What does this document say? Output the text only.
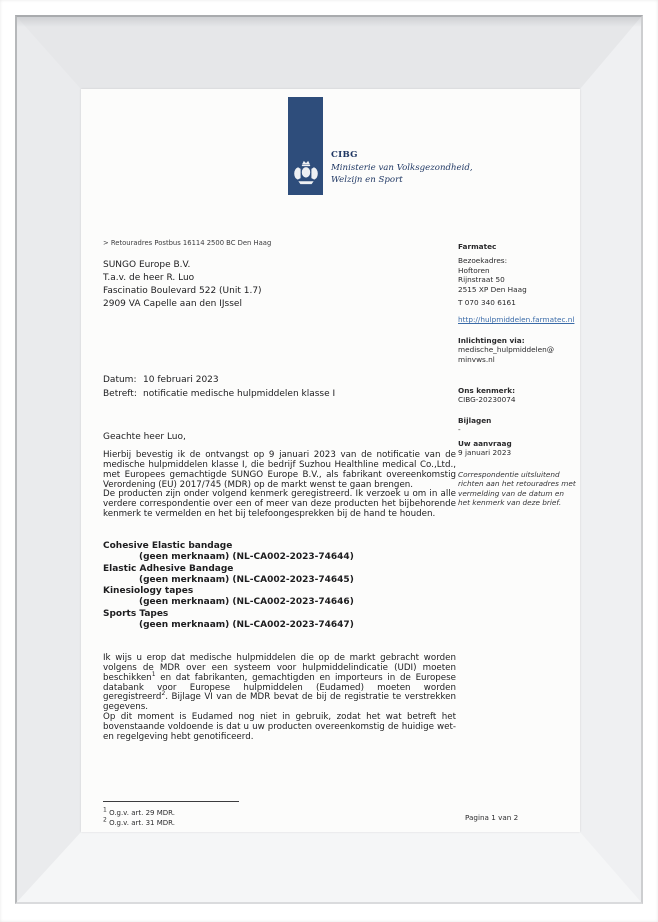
CIBG
Ministerie van Volksgezondheid,
Welzijn en Sport
> Retouradres Postbus 16114 2500 BC Den Haag
SUNGO Europe B.V.
T.a.v. de heer R. Luo
Fascinatio Boulevard 522 (Unit 1.7)
2909 VA Capelle aan den IJssel
Datum: 10 februari 2023
Betreft: notificatie medische hulpmiddelen klasse I
Geachte heer Luo,
Hierbij bevestig ik de ontvangst op 9 januari 2023 van de notificatie van de medische hulpmiddelen klasse I, die bedrijf Suzhou Healthline medical Co.,Ltd., met Europees gemachtigde SUNGO Europe B.V., als fabrikant overeenkomstig Verordening (EU) 2017/745 (MDR) op de markt wenst te gaan brengen.
De producten zijn onder volgend kenmerk geregistreerd. Ik verzoek u om in alle verdere correspondentie over een of meer van deze producten het bijbehorende kenmerk te vermelden en het bij telefoongesprekken bij de hand te houden.
Cohesive Elastic bandage
(geen merknaam) (NL-CA002-2023-74644)
Elastic Adhesive Bandage
(geen merknaam) (NL-CA002-2023-74645)
Kinesiology tapes
(geen merknaam) (NL-CA002-2023-74646)
Sports Tapes
(geen merknaam) (NL-CA002-2023-74647)
Ik wijs u erop dat medische hulpmiddelen die op de markt gebracht worden volgens de MDR over een systeem voor hulpmiddelindicatie (UDI) moeten beschikken$^1$ en dat fabrikanten, gemachtigden en importeurs in de Europese databank voor Europese hulpmiddelen (Eudamed) moeten worden geregistreerd$^2$. Bijlage VI van de MDR bevat de bij de registratie te verstrekken gegevens.
Op dit moment is Eudamed nog niet in gebruik, zodat het wat betreft het bovenstaande voldoende is dat u uw producten overeenkomstig de huidige wet- en regelgeving hebt genotificeerd.
$^1$ O.g.v. art. 29 MDR.
$^2$ O.g.v. art. 31 MDR.
Pagina 1 van 2
Farmatec
Bezoekadres:
Hoftoren
Rijnstraat 50
2515 XP Den Haag
T 070 340 6161
http://hulpmiddelen.farmatec.nl
Inlichtingen via:
medische_hulpmiddelen@
minvws.nl
Ons kenmerk:
CIBG-20230074
Bijlagen
-
Uw aanvraag
9 januari 2023
Correspondentie uitsluitend richten aan het retouradres met vermelding van de datum en het kenmerk van deze brief.
